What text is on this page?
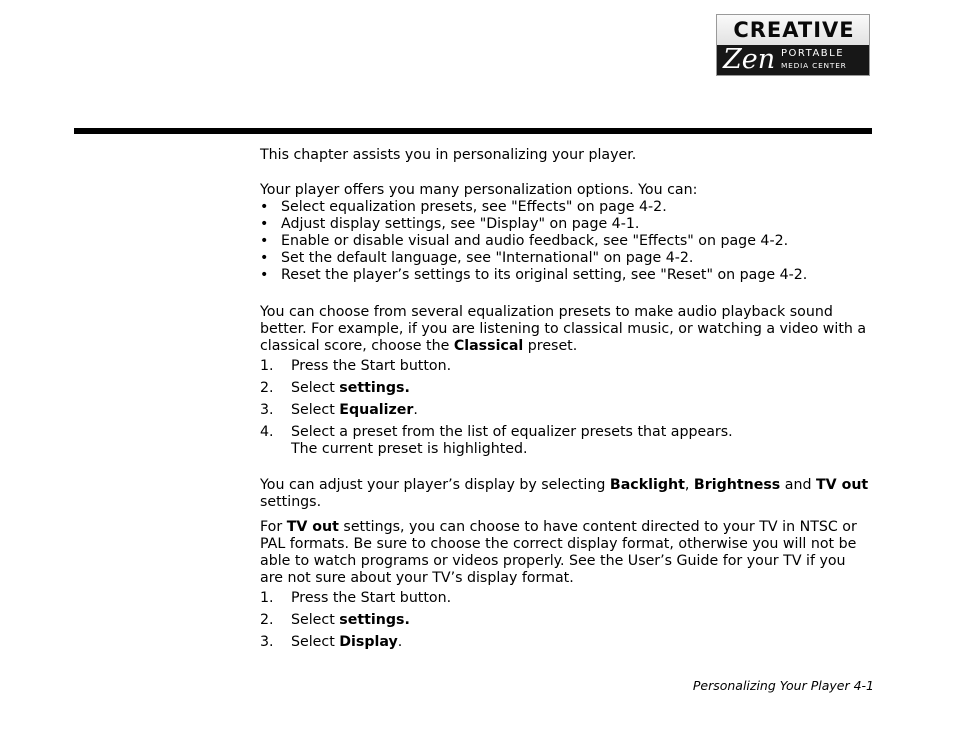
CREATIVE
Zen PORTABLE
MEDIA CENTER

This chapter assists you in personalizing your player.

Your player offers you many personalization options. You can:

• Select equalization presets, see "Effects" on page 4-2.
• Adjust display settings, see "Display" on page 4-1.
• Enable or disable visual and audio feedback, see "Effects" on page 4-2.
• Set the default language, see "International" on page 4-2.
• Reset the player’s settings to its original setting, see "Reset" on page 4-2.

You can choose from several equalization presets to make audio playback sound better. For example, if you are listening to classical music, or watching a video with a classical score, choose the Classical preset.

1. Press the Start button.
2. Select settings.
3. Select Equalizer.
4. Select a preset from the list of equalizer presets that appears.
The current preset is highlighted.

You can adjust your player’s display by selecting Backlight, Brightness and TV out settings.

For TV out settings, you can choose to have content directed to your TV in NTSC or PAL formats. Be sure to choose the correct display format, otherwise you will not be able to watch programs or videos properly. See the User’s Guide for your TV if you are not sure about your TV’s display format.

1. Press the Start button.
2. Select settings.
3. Select Display.
Personalizing Your Player 4-1
